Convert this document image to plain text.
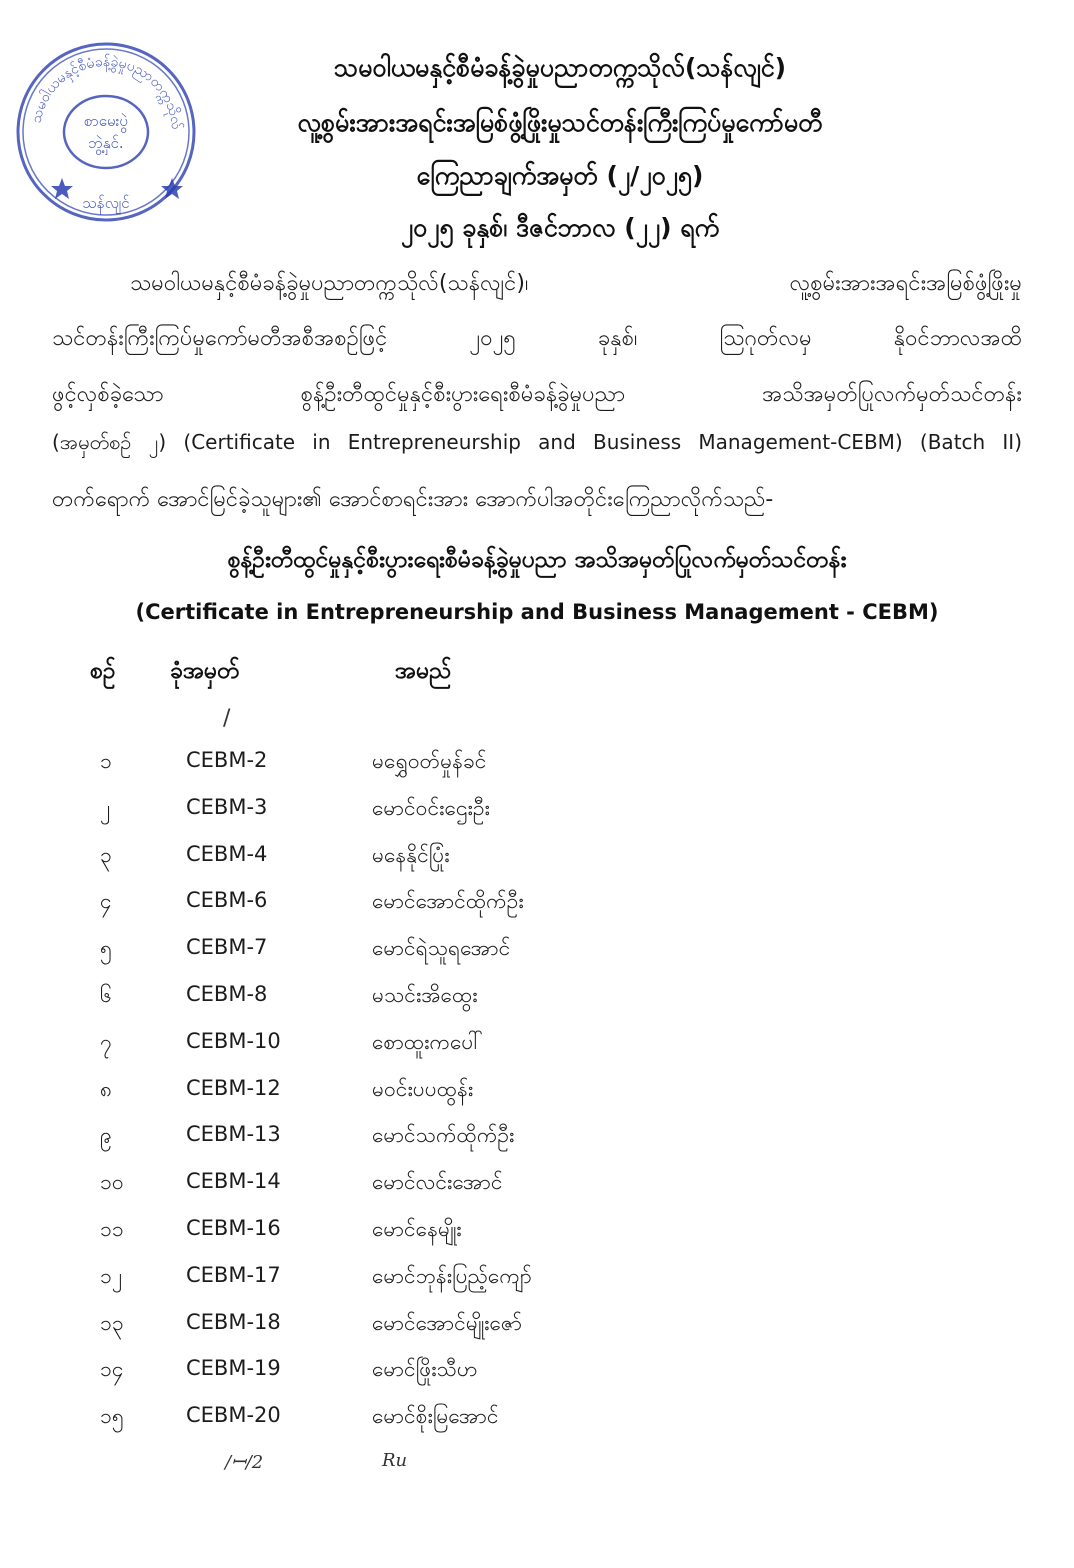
သမဝါယမနှင့်စီမံခန့်ခွဲမှုပညာတက္ကသိုလ်
စာမေးပွဲ
ဘွဲ့နှင်.
သန်လျင်
သမဝါယမနှင့်စီမံခန့်ခွဲမှုပညာတက္ကသိုလ်(သန်လျင်)
လူ့စွမ်းအားအရင်းအမြစ်ဖွံ့ဖြိုးမှုသင်တန်းကြီးကြပ်မှုကော်မတီ
ကြေညာချက်အမှတ် (၂/၂၀၂၅)
၂၀၂၅ ခုနှစ်၊ ဒီဇင်ဘာလ (၂၂) ရက်
သမဝါယမနှင့်စီမံခန့်ခွဲမှုပညာတက္ကသိုလ်(သန်လျင်)၊ လူ့စွမ်းအားအရင်းအမြစ်ဖွံ့ဖြိုးမှု
သင်တန်းကြီးကြပ်မှုကော်မတီအစီအစဉ်ဖြင့် ၂၀၂၅ ခုနှစ်၊ ဩဂုတ်လမှ နိုဝင်ဘာလအထိ
ဖွင့်လှစ်ခဲ့သော စွန့်ဦးတီထွင်မှုနှင့်စီးပွားရေးစီမံခန့်ခွဲမှုပညာ အသိအမှတ်ပြုလက်မှတ်သင်တန်း
(အမှတ်စဉ် ၂) (Certificate in Entrepreneurship and Business Management-CEBM) (Batch II)
တက်ရောက် အောင်မြင်ခဲ့သူများ၏ အောင်စာရင်းအား အောက်ပါအတိုင်းကြေညာလိုက်သည်-
စွန့်ဦးတီထွင်မှုနှင့်စီးပွားရေးစီမံခန့်ခွဲမှုပညာ အသိအမှတ်ပြုလက်မှတ်သင်တန်း
(Certificate in Entrepreneurship and Business Management - CEBM)
စဉ် ခုံအမှတ်	အမည်
/
၁	CEBM-2	မရွှေဝတ်မှုန်ခင်
၂	CEBM-3	မောင်ဝင်းဌေးဦး
၃	CEBM-4	မနေနိုင်ပြုံး
၄	CEBM-6	မောင်အောင်ထိုက်ဦး
၅	CEBM-7	မောင်ရဲသူရအောင်
၆	CEBM-8	မသင်းအိထွေး
၇	CEBM-10	စောထူးကပေါ်
၈	CEBM-12	မဝင်းပပထွန်း
၉	CEBM-13	မောင်သက်ထိုက်ဦး
၁၀	CEBM-14	မောင်လင်းအောင်
၁၁	CEBM-16	မောင်နေမျိုး
၁၂	CEBM-17	မောင်ဘုန်းပြည့်ကျော်
၁၃	CEBM-18	မောင်အောင်မျိုးဇော်
၁၄	CEBM-19	မောင်ဖြိုးသီဟ
၁၅	CEBM-20	မောင်စိုးမြအောင်
/ꟷ/2	Ru
